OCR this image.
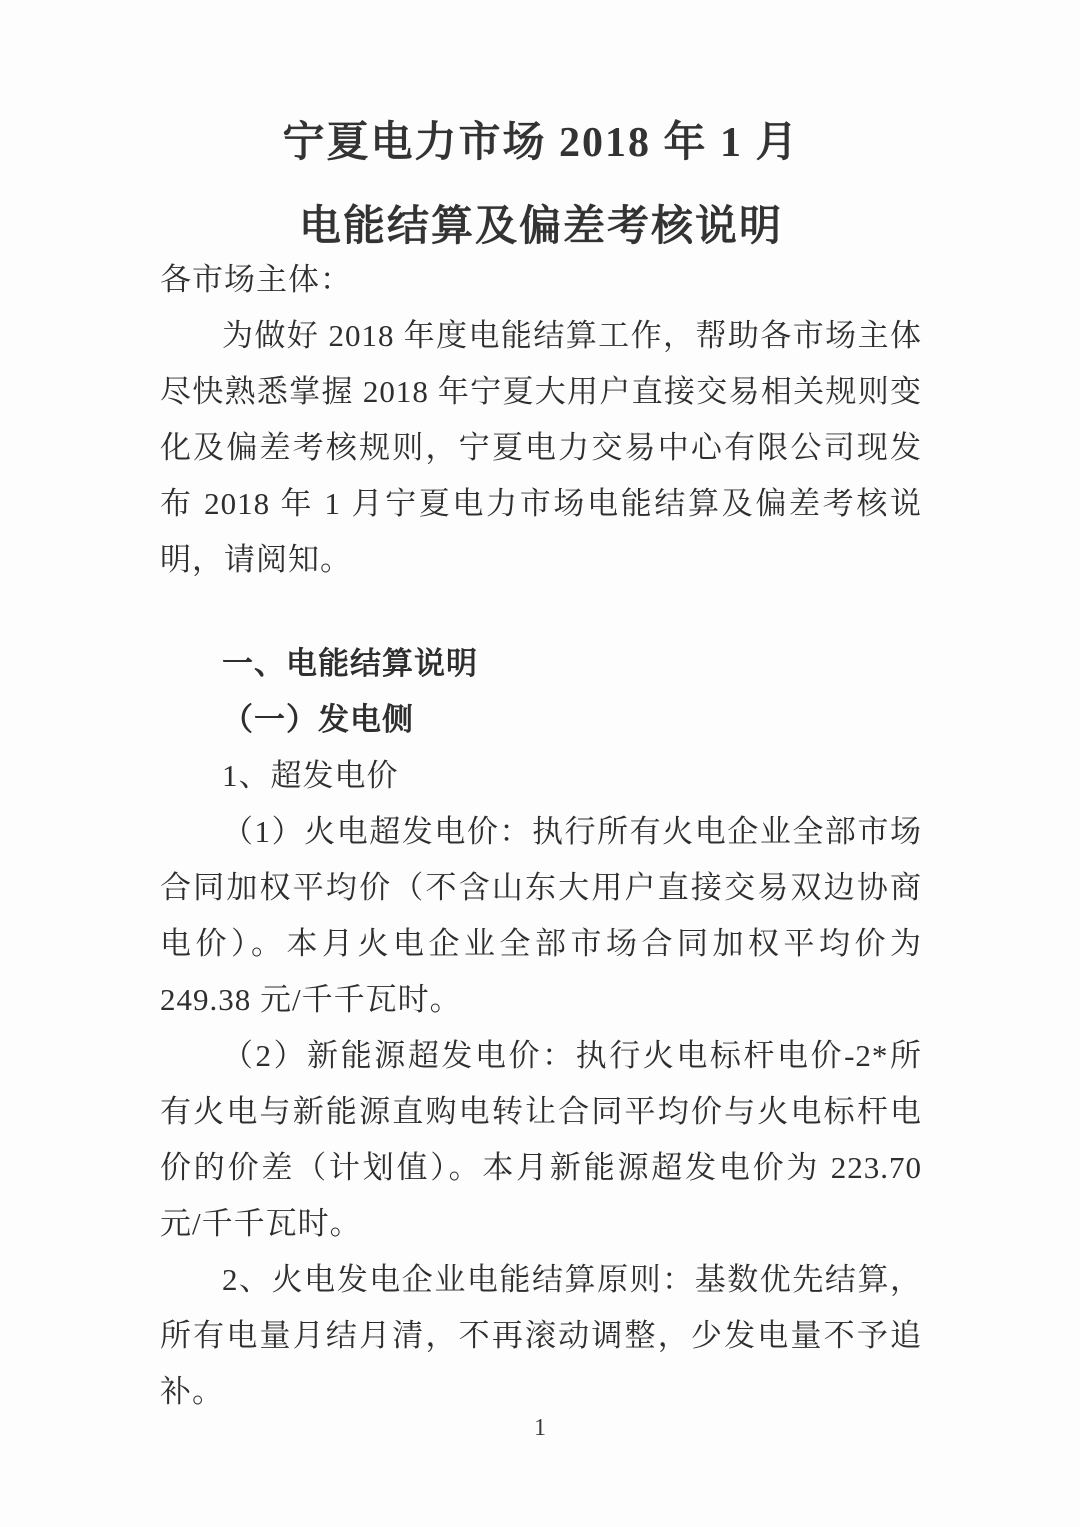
宁夏电力市场 2018 年 1 月
电能结算及偏差考核说明

各市场主体：

为做好 2018 年度电能结算工作，帮助各市场主体尽快熟悉掌握 2018 年宁夏大用户直接交易相关规则变化及偏差考核规则，宁夏电力交易中心有限公司现发布 2018 年 1 月宁夏电力市场电能结算及偏差考核说明，请阅知。

一、电能结算说明

（一）发电侧

1、超发电价

（1）火电超发电价：执行所有火电企业全部市场合同加权平均价（不含山东大用户直接交易双边协商电价）。本月火电企业全部市场合同加权平均价为 249.38 元/千千瓦时。

（2）新能源超发电价：执行火电标杆电价-2*所有火电与新能源直购电转让合同平均价与火电标杆电价的价差（计划值）。本月新能源超发电价为 223.70 元/千千瓦时。

2、火电发电企业电能结算原则：基数优先结算，所有电量月结月清，不再滚动调整，少发电量不予追补。

1
